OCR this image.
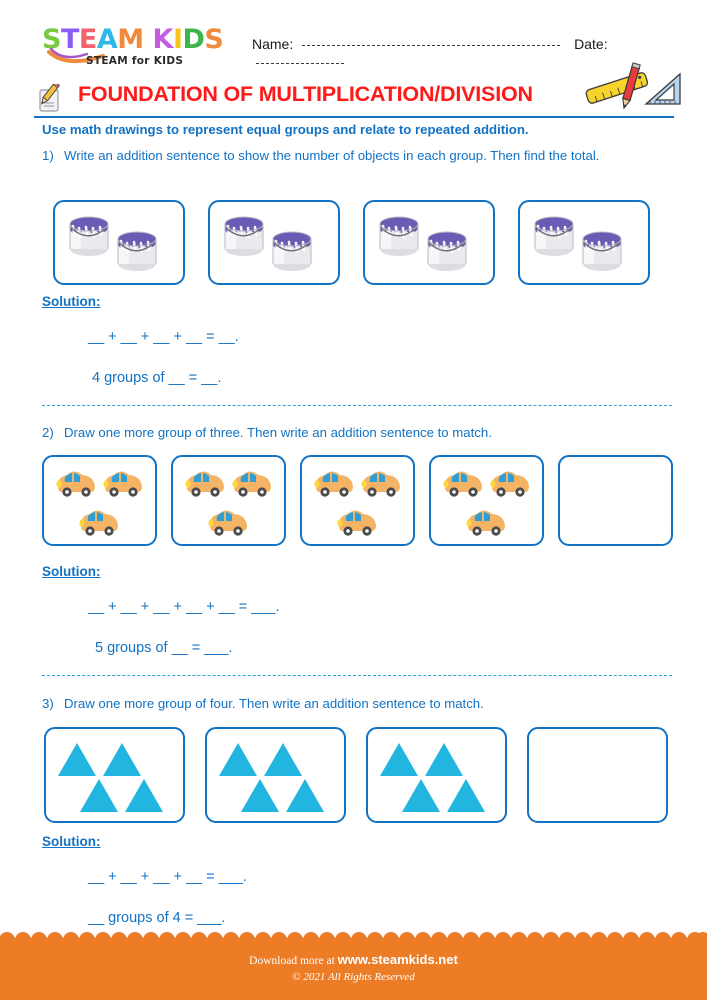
STEAM KIDS
STEAM for KIDS
Name:	Date:
FOUNDATION OF MULTIPLICATION/DIVISION
Use math drawings to represent equal groups and relate to repeated addition.
1) Write an addition sentence to show the number of objects in each group. Then find the total.
Solution:
__ + __ + __ + __ = __.
4 groups of __ = __.
2) Draw one more group of three. Then write an addition sentence to match.
Solution:
__ + __ + __ + __ + __ = ___.
5 groups of __ = ___.
3) Draw one more group of four. Then write an addition sentence to match.
Solution:
__ + __ + __ + __ = ___.
__ groups of 4 = ___.
Download more at www.steamkids.net
© 2021 All Rights Reserved
